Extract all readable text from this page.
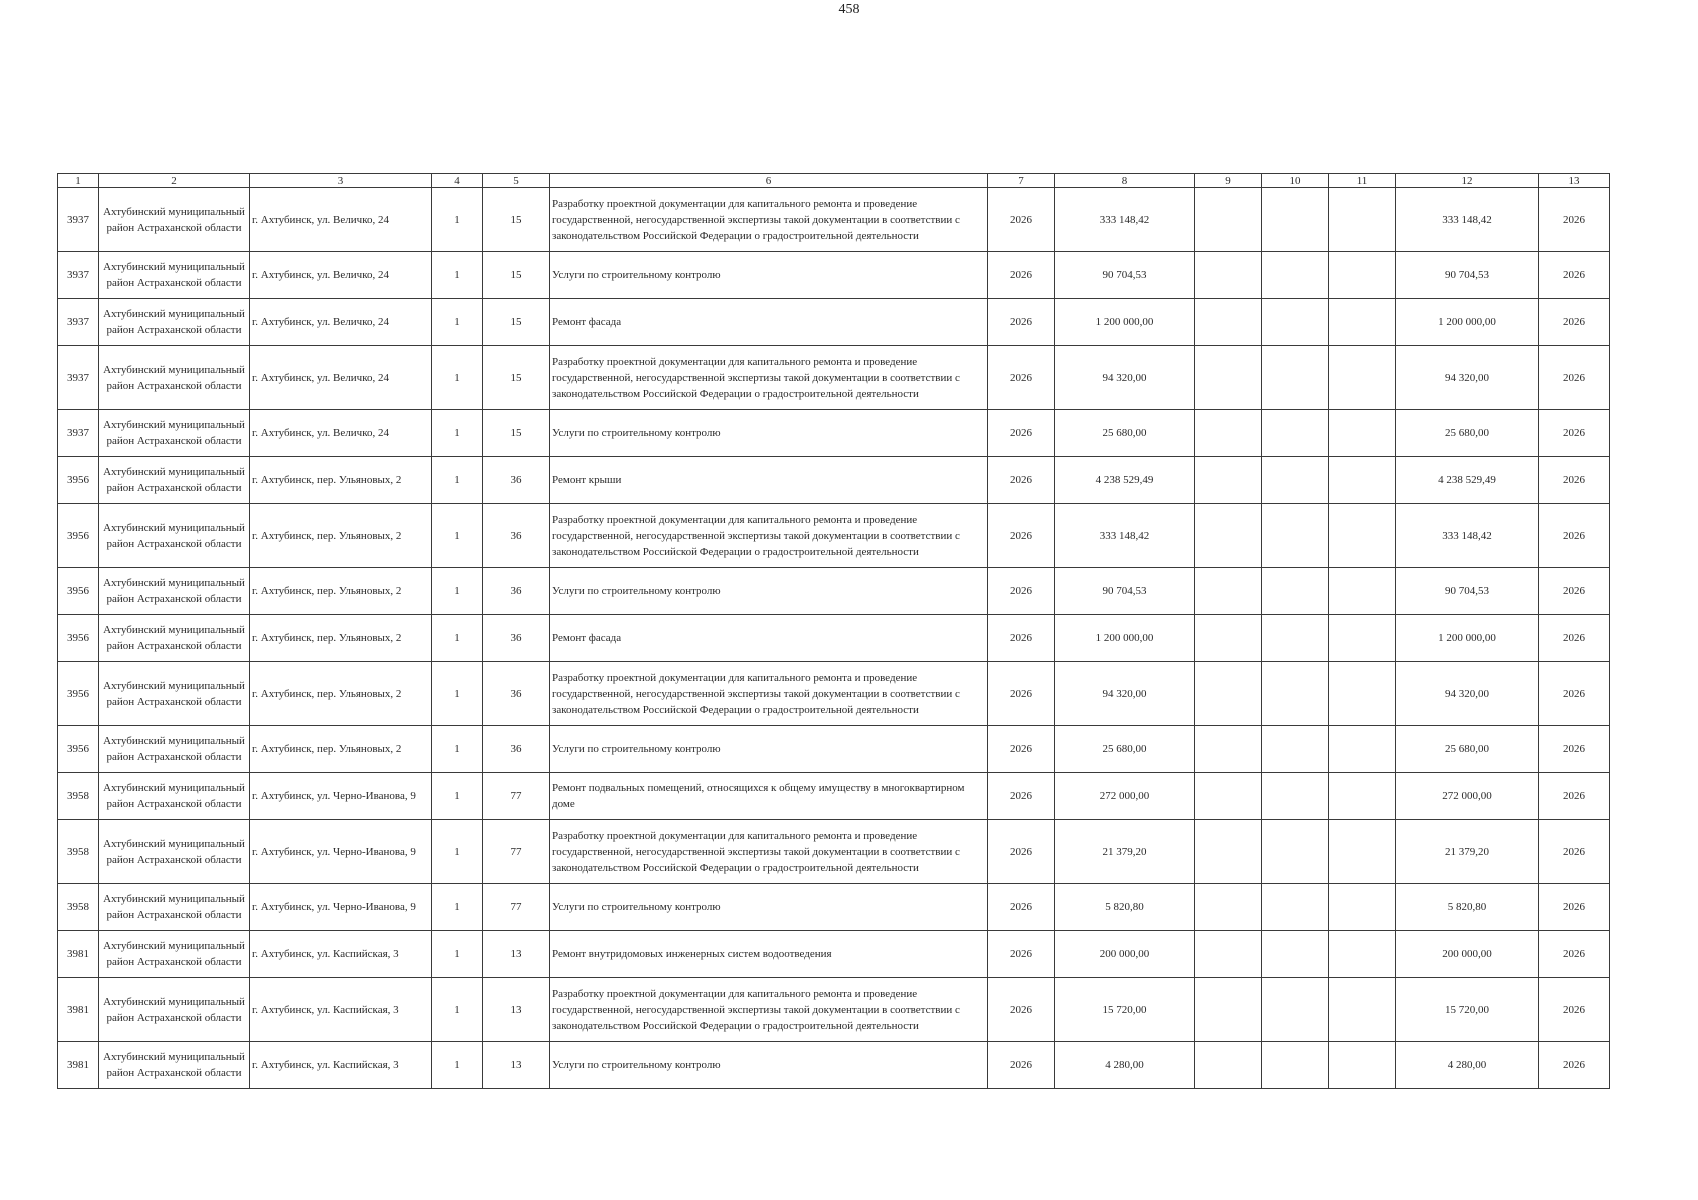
458
1	2	3	4	5	6	7	8	9	10	11	12	13
3937	Ахтубинский муниципальный район Астраханской области	г. Ахтубинск, ул. Величко, 24	1	15	Разработку проектной документации для капитального ремонта и проведение государственной, негосударственной экспертизы такой документации в соответствии с законодательством Российской Федерации о градостроительной деятельности	2026	333 148,42				333 148,42	2026
3937	Ахтубинский муниципальный район Астраханской области	г. Ахтубинск, ул. Величко, 24	1	15	Услуги по строительному контролю	2026	90 704,53				90 704,53	2026
3937	Ахтубинский муниципальный район Астраханской области	г. Ахтубинск, ул. Величко, 24	1	15	Ремонт фасада	2026	1 200 000,00				1 200 000,00	2026
3937	Ахтубинский муниципальный район Астраханской области	г. Ахтубинск, ул. Величко, 24	1	15	Разработку проектной документации для капитального ремонта и проведение государственной, негосударственной экспертизы такой документации в соответствии с законодательством Российской Федерации о градостроительной деятельности	2026	94 320,00				94 320,00	2026
3937	Ахтубинский муниципальный район Астраханской области	г. Ахтубинск, ул. Величко, 24	1	15	Услуги по строительному контролю	2026	25 680,00				25 680,00	2026
3956	Ахтубинский муниципальный район Астраханской области	г. Ахтубинск, пер. Ульяновых, 2	1	36	Ремонт крыши	2026	4 238 529,49				4 238 529,49	2026
3956	Ахтубинский муниципальный район Астраханской области	г. Ахтубинск, пер. Ульяновых, 2	1	36	Разработку проектной документации для капитального ремонта и проведение государственной, негосударственной экспертизы такой документации в соответствии с законодательством Российской Федерации о градостроительной деятельности	2026	333 148,42				333 148,42	2026
3956	Ахтубинский муниципальный район Астраханской области	г. Ахтубинск, пер. Ульяновых, 2	1	36	Услуги по строительному контролю	2026	90 704,53				90 704,53	2026
3956	Ахтубинский муниципальный район Астраханской области	г. Ахтубинск, пер. Ульяновых, 2	1	36	Ремонт фасада	2026	1 200 000,00				1 200 000,00	2026
3956	Ахтубинский муниципальный район Астраханской области	г. Ахтубинск, пер. Ульяновых, 2	1	36	Разработку проектной документации для капитального ремонта и проведение государственной, негосударственной экспертизы такой документации в соответствии с законодательством Российской Федерации о градостроительной деятельности	2026	94 320,00				94 320,00	2026
3956	Ахтубинский муниципальный район Астраханской области	г. Ахтубинск, пер. Ульяновых, 2	1	36	Услуги по строительному контролю	2026	25 680,00				25 680,00	2026
3958	Ахтубинский муниципальный район Астраханской области	г. Ахтубинск, ул. Черно-Иванова, 9	1	77	Ремонт подвальных помещений, относящихся к общему имуществу в многоквартирном доме	2026	272 000,00				272 000,00	2026
3958	Ахтубинский муниципальный район Астраханской области	г. Ахтубинск, ул. Черно-Иванова, 9	1	77	Разработку проектной документации для капитального ремонта и проведение государственной, негосударственной экспертизы такой документации в соответствии с законодательством Российской Федерации о градостроительной деятельности	2026	21 379,20				21 379,20	2026
3958	Ахтубинский муниципальный район Астраханской области	г. Ахтубинск, ул. Черно-Иванова, 9	1	77	Услуги по строительному контролю	2026	5 820,80				5 820,80	2026
3981	Ахтубинский муниципальный район Астраханской области	г. Ахтубинск, ул. Каспийская, 3	1	13	Ремонт внутридомовых инженерных систем водоотведения	2026	200 000,00				200 000,00	2026
3981	Ахтубинский муниципальный район Астраханской области	г. Ахтубинск, ул. Каспийская, 3	1	13	Разработку проектной документации для капитального ремонта и проведение государственной, негосударственной экспертизы такой документации в соответствии с законодательством Российской Федерации о градостроительной деятельности	2026	15 720,00				15 720,00	2026
3981	Ахтубинский муниципальный район Астраханской области	г. Ахтубинск, ул. Каспийская, 3	1	13	Услуги по строительному контролю	2026	4 280,00				4 280,00	2026
